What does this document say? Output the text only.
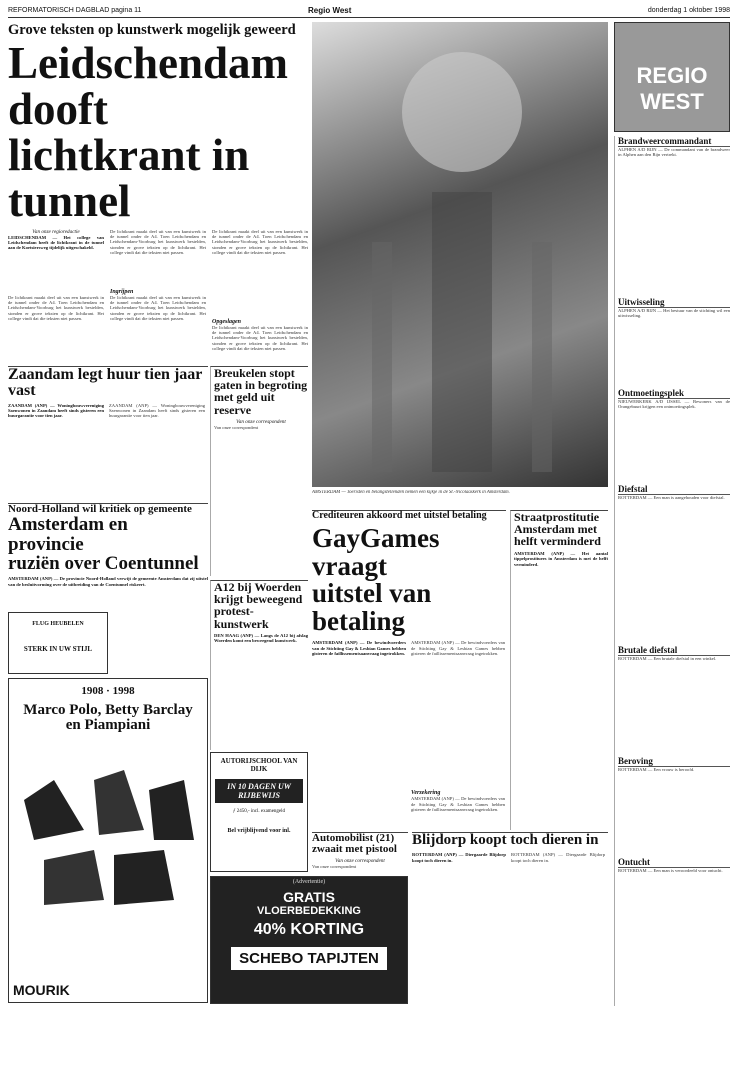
REFORMATORISCH DAGBLAD pagina 11	Regio West	donderdag 1 oktober 1998
Grove teksten op kunstwerk mogelijk geweerd
Leidschendam dooft
lichtkrant in tunnel
Van onze regioredactie
LEIDSCHENDAM — Het college van Leidschendam heeft de lichtkrant in de tunnel aan de Koetsiersweg tijdelijk uitgeschakeld.
De lichtkrant maakt deel uit van een kunstwerk in de tunnel onder de A4. Toen Leidschendam en Leidschendam-Voorburg het kunstwerk bestelden, stonden er grove teksten op de lichtkrant. Het college vindt dat die teksten niet passen.
De lichtkrant maakt deel uit van een kunstwerk in de tunnel onder de A4. Toen Leidschendam en Leidschendam-Voorburg het kunstwerk bestelden, stonden er grove teksten op de lichtkrant. Het college vindt dat die teksten niet passen.
Ingrijpen
De lichtkrant maakt deel uit van een kunstwerk in de tunnel onder de A4. Toen Leidschendam en Leidschendam-Voorburg het kunstwerk bestelden, stonden er grove teksten op de lichtkrant. Het college vindt dat die teksten niet passen.
De lichtkrant maakt deel uit van een kunstwerk in de tunnel onder de A4. Toen Leidschendam en Leidschendam-Voorburg het kunstwerk bestelden, stonden er grove teksten op de lichtkrant. Het college vindt dat die teksten niet passen.
Opgeslagen
De lichtkrant maakt deel uit van een kunstwerk in de tunnel onder de A4. Toen Leidschendam en Leidschendam-Voorburg het kunstwerk bestelden, stonden er grove teksten op de lichtkrant. Het college vindt dat die teksten niet passen.
AMSTERDAM — Toeristen en belangstellenden nemen een kijkje in de St.-Nicolaaskerk in Amsterdam.
REGIO WEST
Brandweercommandant
ALPHEN A/D RIJN — De commandant van de brandweer in Alphen aan den Rijn vertrekt.
Uitwisseling
ALPHEN A/D RIJN — Het bestuur van de stichting wil een uitwisseling.
Ontmoetingsplek
NIEUWERKERK A/D IJSSEL — Bewoners van de Orangebuurt krijgen een ontmoetingsplek.
Diefstal
ROTTERDAM — Een man is aangehouden voor diefstal.
Brutale diefstal
ROTTERDAM — Een brutale diefstal in een winkel.
Beroving
ROTTERDAM — Een vrouw is beroofd.
Ontucht
ROTTERDAM — Een man is veroordeeld voor ontucht.
Zaandam legt huur tien jaar vast
ZAANDAM (ANP) — Woningbouwvereniging Saenwonen in Zaandam heeft sinds gisteren een huurgarantie voor tien jaar.
ZAANDAM (ANP) — Woningbouwvereniging Saenwonen in Zaandam heeft sinds gisteren een huurgarantie voor tien jaar.
Breukelen stopt gaten in begroting met geld uit reserve
Van onze correspondent
Van onze correspondent
Noord-Holland wil kritiek op gemeente
Amsterdam en provincie
ruziën over Coentunnel
AMSTERDAM (ANP) — De provincie Noord-Holland verwijt de gemeente Amsterdam dat zij uitstel van de besluitvorming over de uitbreiding van de Coentunnel riskeert.
FLUG HEUBELEN
STERK IN UW STIJL
A12 bij Woerden krijgt beweegend protest-kunstwerk
DEN HAAG (ANP) — Langs de A12 bij afslag Woerden komt een beweegend kunstwerk.
1908 · 1998
Marco Polo, Betty Barclay en Piampiani
MOURIK
AUTORIJSCHOOL VAN DIJK
IN 10 DAGEN UW RIJBEWIJS
ƒ 2450,- incl. examengeld
Bel vrijblijvend voor inl.
Crediteuren akkoord met uitstel betaling
GayGames vraagt
uitstel van betaling
AMSTERDAM (ANP) — De bewindvoerders van de Stichting Gay & Lesbian Games hebben gisteren de faillissementsaanvraag ingetrokken.
AMSTERDAM (ANP) — De bewindvoerders van de Stichting Gay & Lesbian Games hebben gisteren de faillissementsaanvraag ingetrokken.
Verzekering
AMSTERDAM (ANP) — De bewindvoerders van de Stichting Gay & Lesbian Games hebben gisteren de faillissementsaanvraag ingetrokken.
Straatprostitutie Amsterdam met helft verminderd
AMSTERDAM (ANP) — Het aantal tippelprostituees in Amsterdam is met de helft verminderd.
Automobilist (21) zwaait met pistool
Van onze correspondent
Van onze correspondent
Blijdorp koopt toch dieren in
ROTTERDAM (ANP) — Diergaarde Blijdorp koopt toch dieren in.
ROTTERDAM (ANP) — Diergaarde Blijdorp koopt toch dieren in.
(Advertentie)
GRATIS
VLOERBEDEKKING
40% KORTING
SCHEBO TAPIJTEN
